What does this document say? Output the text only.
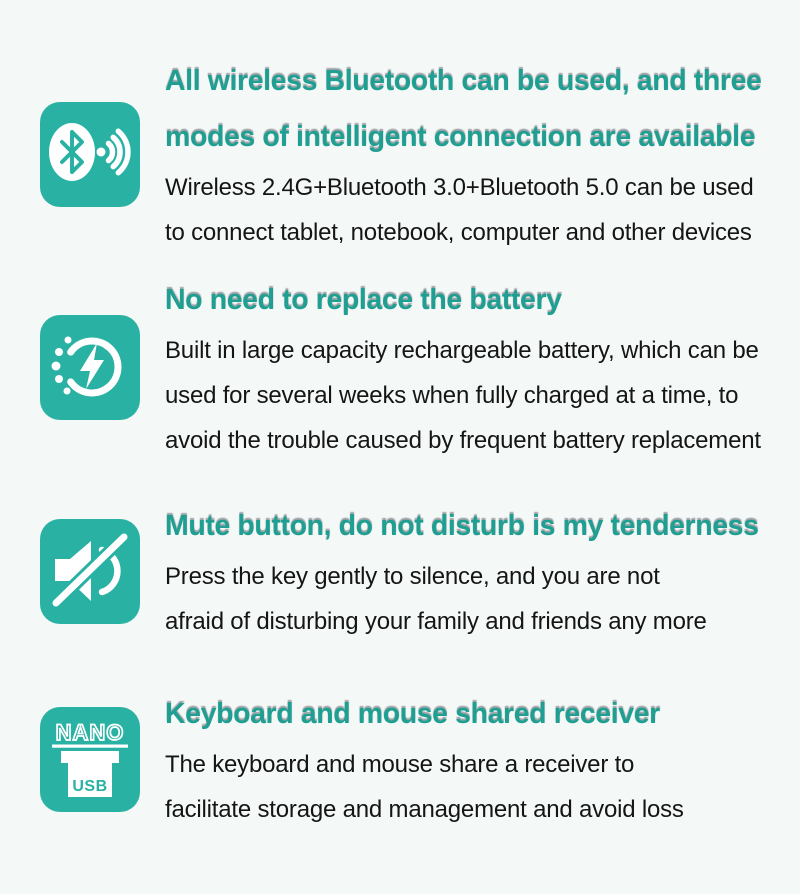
All wireless Bluetooth can be used, and three
modes of intelligent connection are available
Wireless 2.4G+Bluetooth 3.0+Bluetooth 5.0 can be used
to connect tablet, notebook, computer and other devices
No need to replace the battery
Built in large capacity rechargeable battery, which can be
used for several weeks when fully charged at a time, to
avoid the trouble caused by frequent battery replacement
Mute button, do not disturb is my tenderness
Press the key gently to silence, and you are not
afraid of disturbing your family and friends any more
NANO
USB
Keyboard and mouse shared receiver
The keyboard and mouse share a receiver to
facilitate storage and management and avoid loss
